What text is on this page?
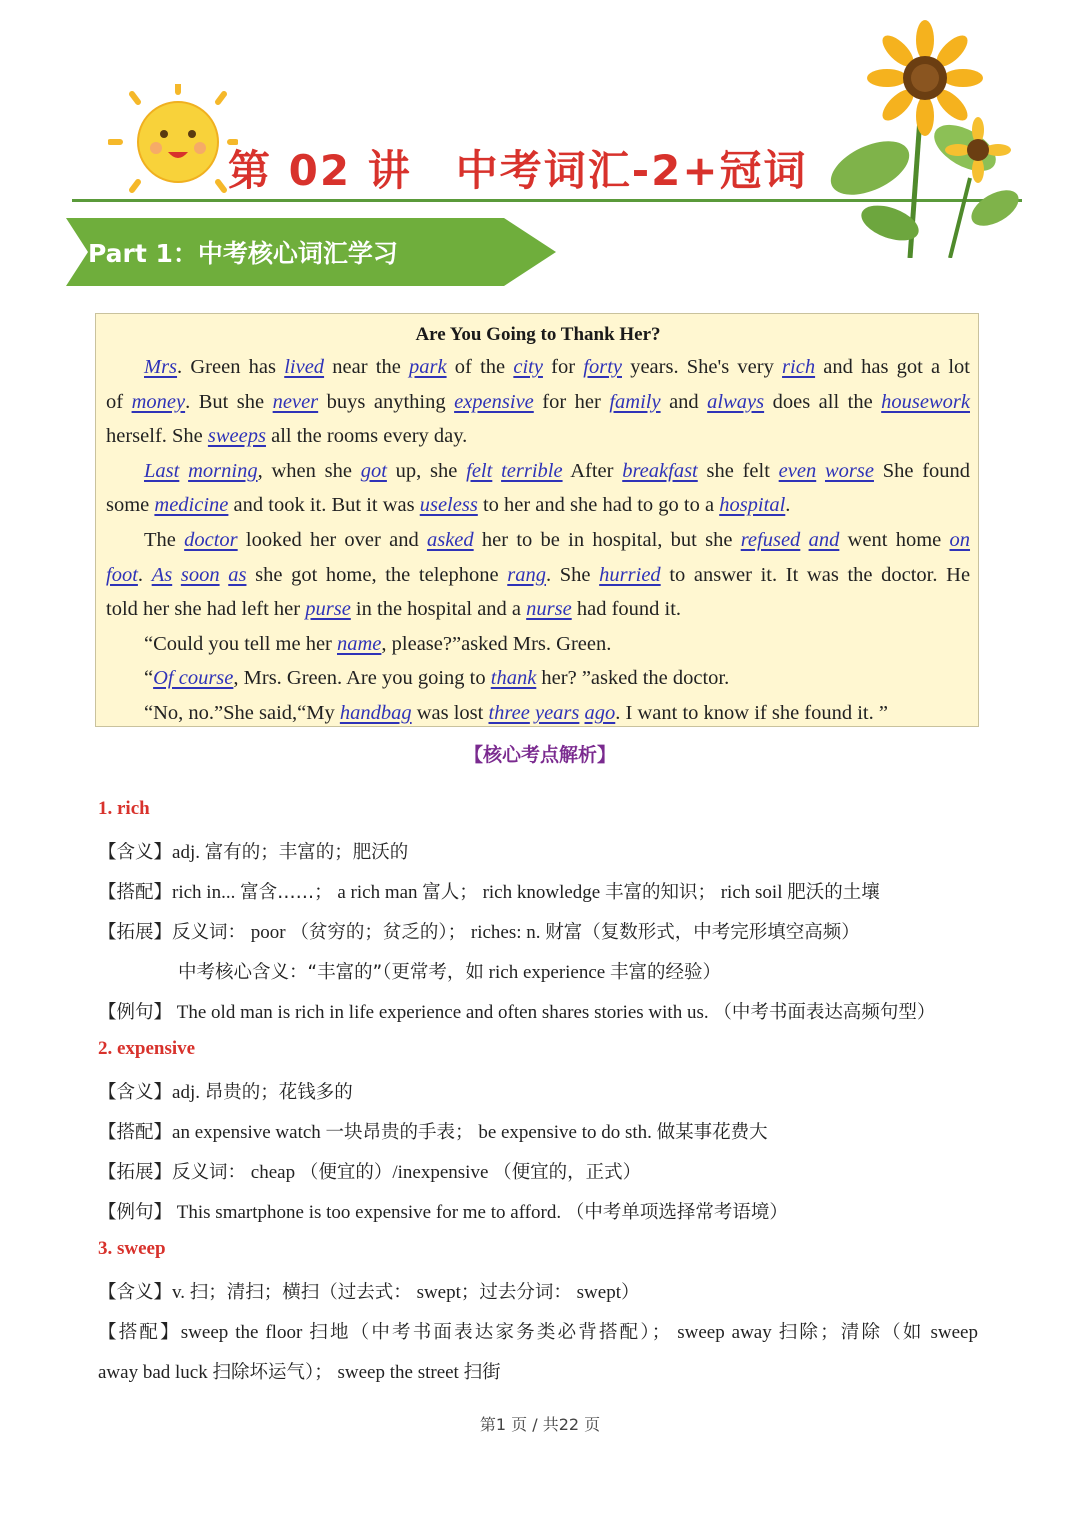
第 02 讲 中考词汇-2+冠词
Part 1：中考核心词汇学习
Are You Going to Thank Her?
Mrs. Green has lived near the park of the city for forty years. She's very rich and has got a lot
of money. But she never buys anything expensive for her family and always does all the housework
herself. She sweeps all the rooms every day.
Last morning, when she got up, she felt terrible After breakfast she felt even worse She found
some medicine and took it. But it was useless to her and she had to go to a hospital.
The doctor looked her over and asked her to be in hospital, but she refused and went home on
foot. As soon as she got home, the telephone rang. She hurried to answer it. It was the doctor. He
told her she had left her purse in the hospital and a nurse had found it.
“Could you tell me her name, please?”asked Mrs. Green.
“Of course, Mrs. Green. Are you going to thank her? ”asked the doctor.
“No, no.”She said,“My handbag was lost three years ago. I want to know if she found it. ”
【核心考点解析】
1. rich
【含义】adj. 富有的；丰富的；肥沃的
【搭配】rich in... 富含……； a rich man 富人； rich knowledge 丰富的知识； rich soil 肥沃的土壤
【拓展】反义词： poor （贫穷的；贫乏的）； riches: n. 财富（复数形式，中考完形填空高频）
中考核心含义：“丰富的”（更常考，如 rich experience 丰富的经验）
【例句】 The old man is rich in life experience and often shares stories with us. （中考书面表达高频句型）
2. expensive
【含义】adj. 昂贵的；花钱多的
【搭配】an expensive watch 一块昂贵的手表； be expensive to do sth. 做某事花费大
【拓展】反义词： cheap （便宜的）/inexpensive （便宜的，正式）
【例句】 This smartphone is too expensive for me to afford. （中考单项选择常考语境）
3. sweep
【含义】v. 扫；清扫；横扫（过去式： swept；过去分词： swept）
【搭配】sweep the floor 扫地（中考书面表达家务类必背搭配）； sweep away 扫除；清除（如 sweep
away bad luck 扫除坏运气）； sweep the street 扫街
第1 页 / 共22 页
